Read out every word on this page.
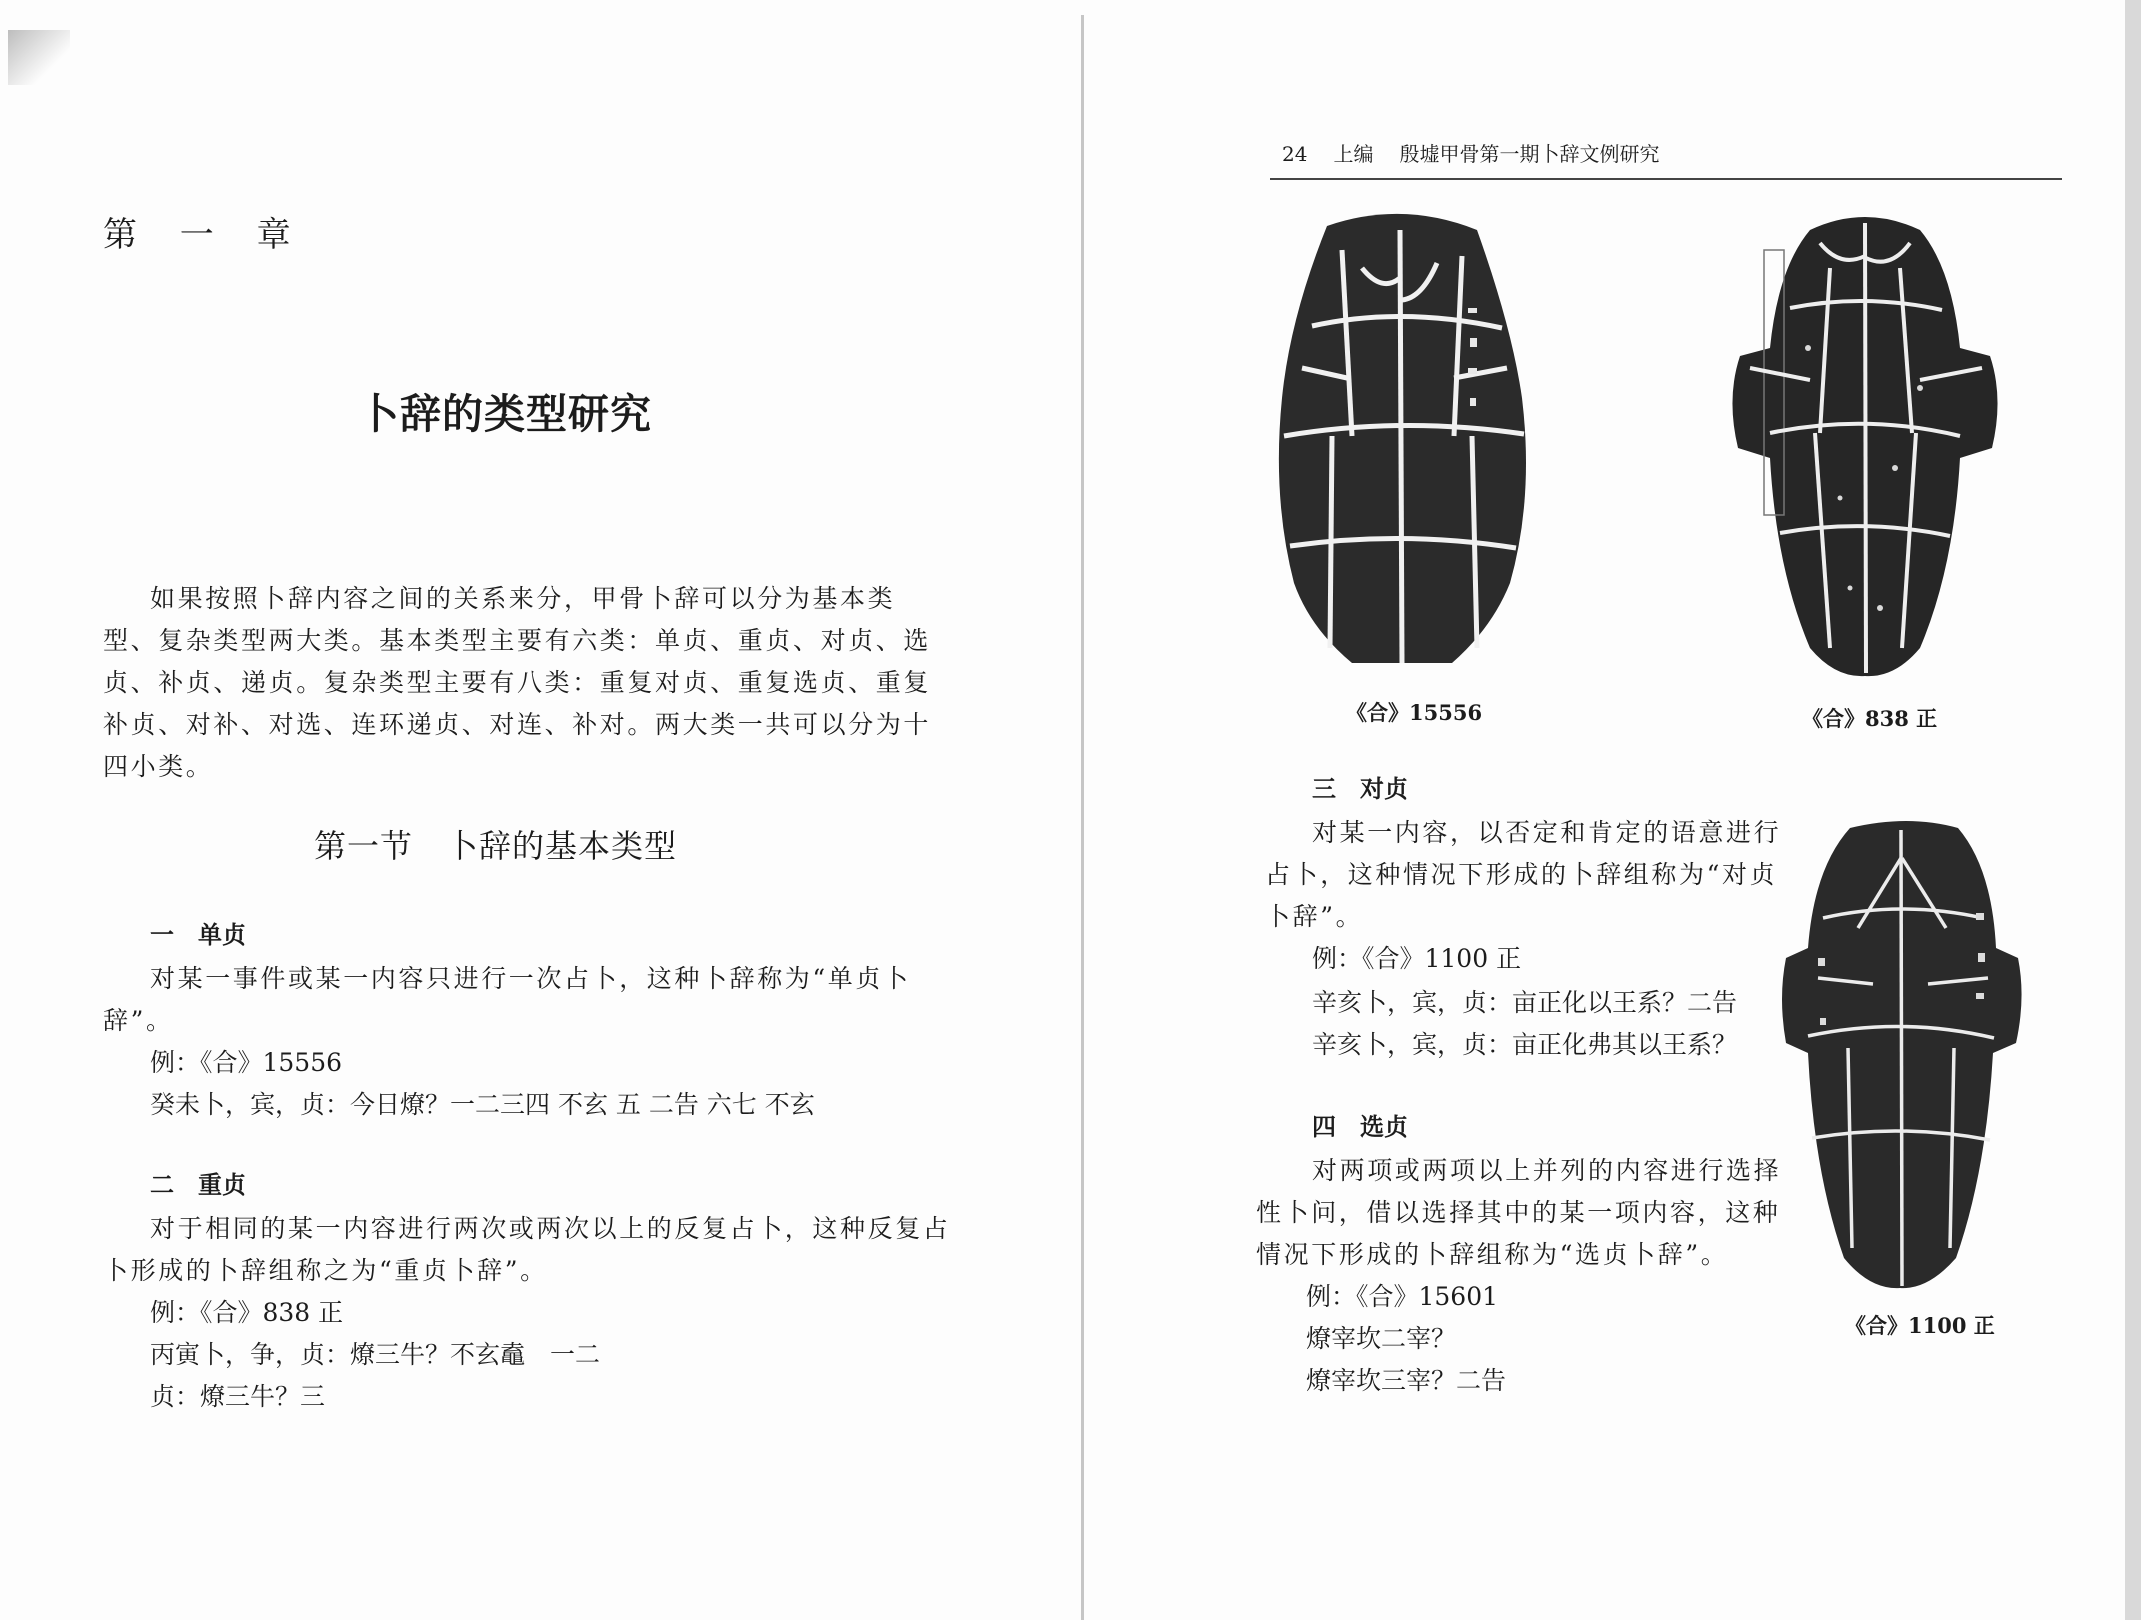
第 一 章
卜辞的类型研究
如果按照卜辞内容之间的关系来分，甲骨卜辞可以分为基本类
型、复杂类型两大类。基本类型主要有六类：单贞、重贞、对贞、选
贞、补贞、递贞。复杂类型主要有八类：重复对贞、重复选贞、重复
补贞、对补、对选、连环递贞、对连、补对。两大类一共可以分为十
四小类。
第一节　卜辞的基本类型
一　单贞
对某一事件或某一内容只进行一次占卜，这种卜辞称为“单贞卜
辞”。
例：《合》15556
癸未卜，宾，贞：今日燎？一二三四 不玄 五 二告 六七 不玄
二　重贞
对于相同的某一内容进行两次或两次以上的反复占卜，这种反复占
卜形成的卜辞组称之为“重贞卜辞”。
例：《合》838 正
丙寅卜，争，贞：燎三牛？不玄鼁　一二
贞：燎三牛？三
24 上编 殷墟甲骨第一期卜辞文例研究
《合》15556	《合》838 正
《合》1100 正
三　对贞
对某一内容，以否定和肯定的语意进行
占卜，这种情况下形成的卜辞组称为“对贞
卜辞”。
例：《合》1100 正
辛亥卜，宾，贞：亩正化以王系？二告
辛亥卜，宾，贞：亩正化弗其以王系？
四　选贞
对两项或两项以上并列的内容进行选择
性卜问，借以选择其中的某一项内容，这种
情况下形成的卜辞组称为“选贞卜辞”。
例：《合》15601
燎宰坎二宰？
燎宰坎三宰？二告
